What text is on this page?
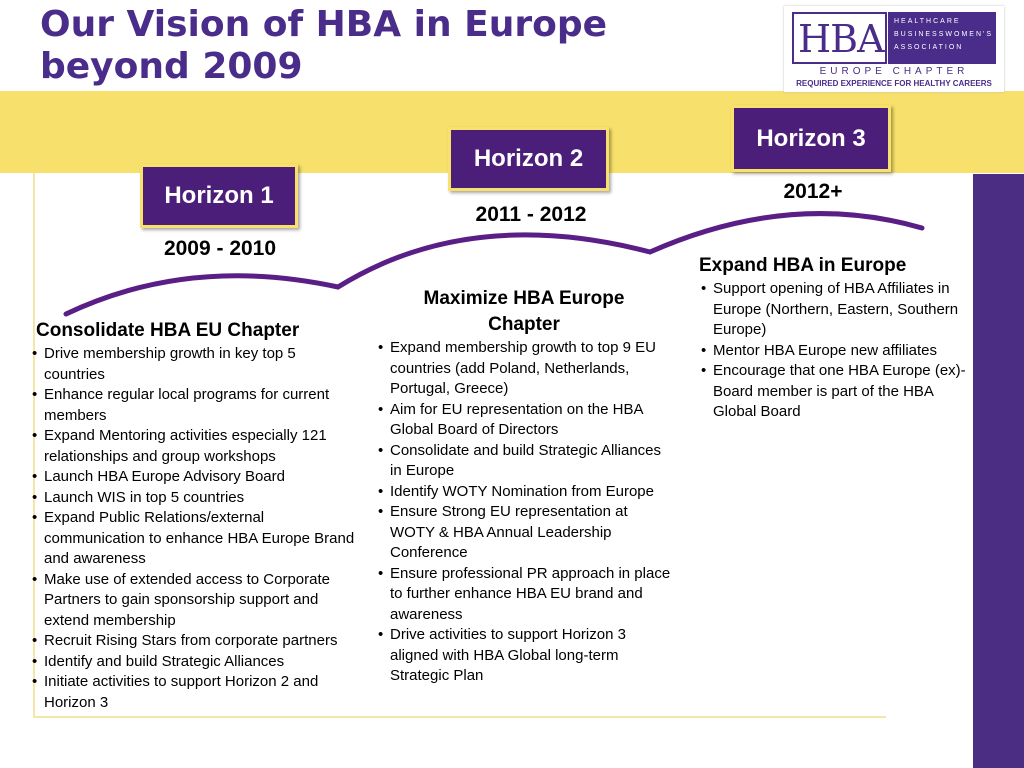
Our Vision of HBA in Europe beyond 2009
HBA HEALTHCARE
BUSINESSWOMEN'S
ASSOCIATION
EUROPE CHAPTER
REQUIRED EXPERIENCE FOR HEALTHY CAREERS
Horizon 1
Horizon 2
Horizon 3
2009 - 2010
2011 - 2012
2012+
Consolidate HBA EU Chapter
• Drive membership growth in key top 5 countries
• Enhance regular local programs for current members
• Expand Mentoring activities especially 121 relationships and group workshops
• Launch HBA Europe Advisory Board
• Launch WIS in top 5 countries
• Expand Public Relations/external communication to enhance HBA Europe Brand and awareness
• Make use of extended access to Corporate Partners to gain sponsorship support and extend membership
• Recruit Rising Stars from corporate partners
• Identify and build Strategic Alliances
• Initiate activities to support Horizon 2 and Horizon 3
Maximize HBA Europe Chapter
• Expand membership growth to top 9 EU countries (add Poland, Netherlands, Portugal, Greece)
• Aim for EU representation on the HBA Global Board of Directors
• Consolidate and build Strategic Alliances in Europe
• Identify WOTY Nomination from Europe
• Ensure Strong EU representation at WOTY & HBA Annual Leadership Conference
• Ensure professional PR approach in place to further enhance HBA EU brand and awareness
• Drive activities to support Horizon 3 aligned with HBA Global long-term Strategic Plan
Expand HBA in Europe
• Support opening of HBA Affiliates in Europe (Northern, Eastern, Southern Europe)
• Mentor HBA Europe new affiliates
• Encourage that one HBA Europe (ex)-Board member is part of the HBA Global Board
